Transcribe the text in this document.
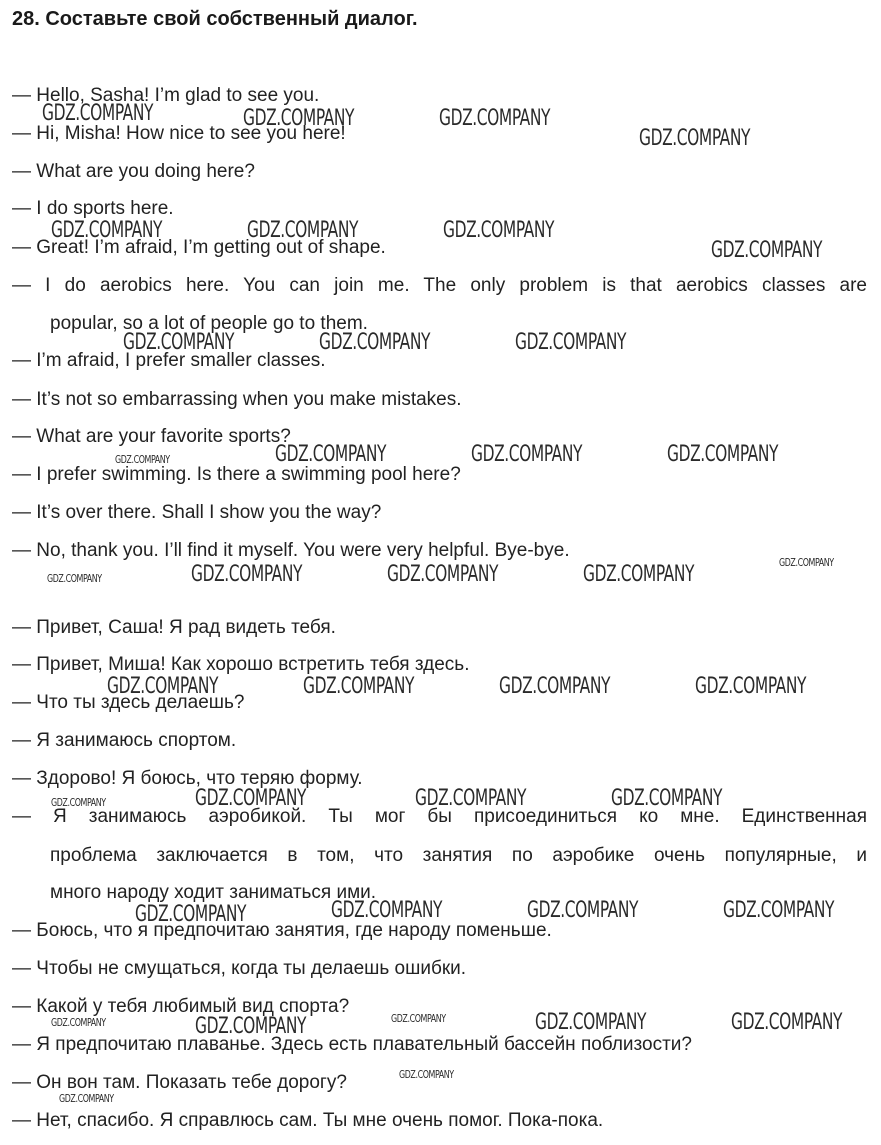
28. Составьте свой собственный диалог.
— Hello, Sasha! I’m glad to see you.
— Hi, Misha! How nice to see you here!
— What are you doing here?
— I do sports here.
— Great! I’m afraid, I’m getting out of shape.
— I do aerobics here. You can join me. The only problem is that aerobics classes are
popular, so a lot of people go to them.
— I’m afraid, I prefer smaller classes.
— It’s not so embarrassing when you make mistakes.
— What are your favorite sports?
— I prefer swimming. Is there a swimming pool here?
— It’s over there. Shall I show you the way?
— No, thank you. I’ll find it myself. You were very helpful. Bye-bye.
— Привет, Саша! Я рад видеть тебя.
— Привет, Миша! Как хорошо встретить тебя здесь.
— Что ты здесь делаешь?
— Я занимаюсь спортом.
— Здорово! Я боюсь, что теряю форму.
— Я занимаюсь аэробикой. Ты мог бы присоединиться ко мне. Единственная
проблема заключается в том, что занятия по аэробике очень популярные, и
много народу ходит заниматься ими.
— Боюсь, что я предпочитаю занятия, где народу поменьше.
— Чтобы не смущаться, когда ты делаешь ошибки.
— Какой у тебя любимый вид спорта?
— Я предпочитаю плаванье. Здесь есть плавательный бассейн поблизости?
— Он вон там. Показать тебе дорогу?
— Нет, спасибо. Я справлюсь сам. Ты мне очень помог. Пока-пока.
GDZ.COMPANY	GDZ.COMPANY	GDZ.COMPANY
GDZ.COMPANY
GDZ.COMPANY	GDZ.COMPANY	GDZ.COMPANY
GDZ.COMPANY
GDZ.COMPANY	GDZ.COMPANY	GDZ.COMPANY
GDZ.COMPANY	GDZ.COMPANY	GDZ.COMPANY	GDZ.COMPANY
GDZ.COMPANY
GDZ.COMPANY	GDZ.COMPANY	GDZ.COMPANY	GDZ.COMPANY
GDZ.COMPANY	GDZ.COMPANY	GDZ.COMPANY	GDZ.COMPANY
GDZ.COMPANY	GDZ.COMPANY	GDZ.COMPANY	GDZ.COMPANY
GDZ.COMPANY	GDZ.COMPANY	GDZ.COMPANY	GDZ.COMPANY
GDZ.COMPANY	GDZ.COMPANY	GDZ.COMPANY	GDZ.COMPANY	GDZ.COMPANY
GDZ.COMPANY
GDZ.COMPANY
